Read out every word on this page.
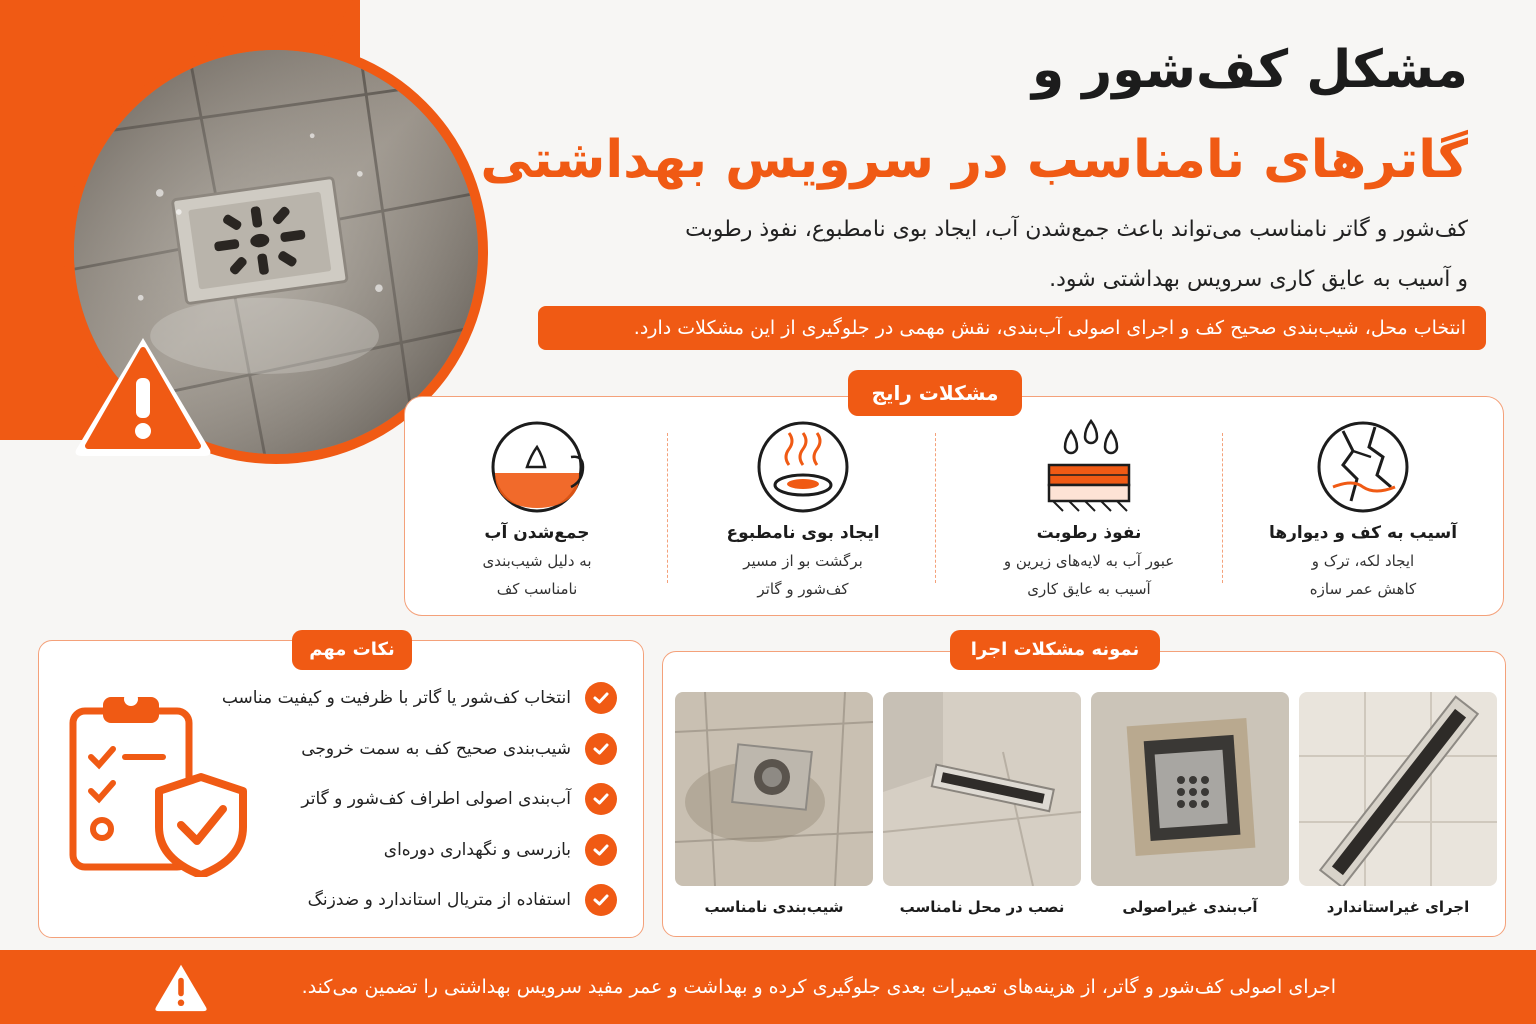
مشکل کف‌شور و
گاترهای نامناسب در سرویس بهداشتی
کف‌شور و گاتر نامناسب می‌تواند باعث جمع‌شدن آب، ایجاد بوی نامطبوع، نفوذ رطوبت
و آسیب به عایق کاری سرویس بهداشتی شود.
انتخاب محل، شیب‌بندی صحیح کف و اجرای اصولی آب‌بندی، نقش مهمی در جلوگیری از این مشکلات دارد.
آسیب به کف و دیوارها
ایجاد لکه، ترک و
کاهش عمر سازه
نفوذ رطوبت
عبور آب به لایه‌های زیرین و
آسیب به عایق کاری
ایجاد بوی نامطبوع
برگشت بو از مسیر
کف‌شور و گاتر
جمع‌شدن آب
به دلیل شیب‌بندی
نامناسب کف
مشکلات رایج
انتخاب کف‌شور یا گاتر با ظرفیت و کیفیت مناسب
شیب‌بندی صحیح کف به سمت خروجی
آب‌بندی اصولی اطراف کف‌شور و گاتر
بازرسی و نگهداری دوره‌ای
استفاده از متریال استاندارد و ضدزنگ
نکات مهم
اجرای غیراستاندارد
آب‌بندی غیراصولی
نصب در محل نامناسب
شیب‌بندی نامناسب
نمونه مشکلات اجرا
اجرای اصولی کف‌شور و گاتر، از هزینه‌های تعمیرات بعدی جلوگیری کرده و بهداشت و عمر مفید سرویس بهداشتی را تضمین می‌کند.
